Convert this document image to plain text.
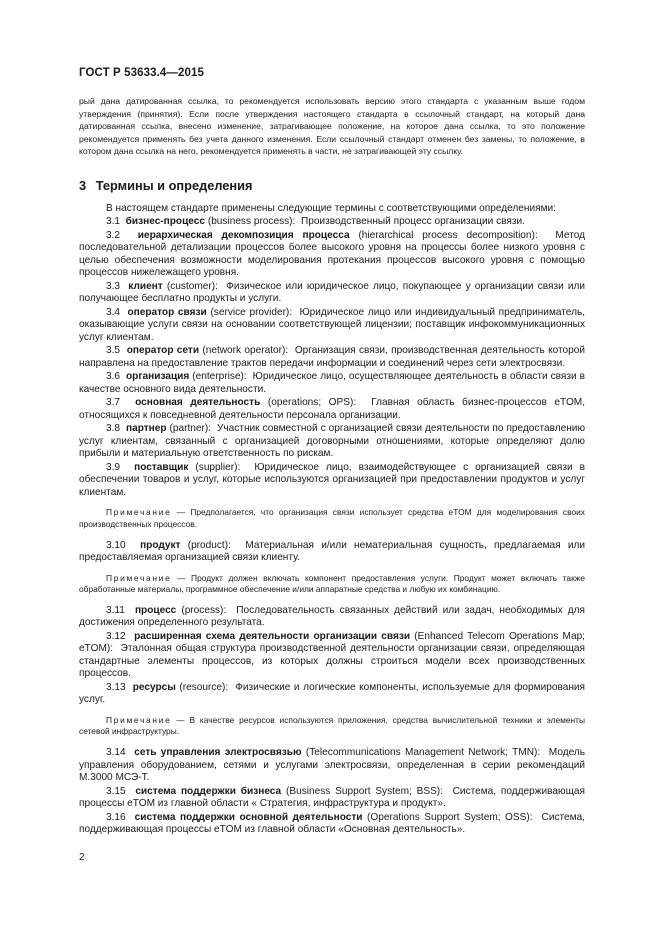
ГОСТ Р 53633.4—2015

рый дана датированная ссылка, то рекомендуется использовать версию этого стандарта с указанным выше годом утверждения (принятия). Если после утверждения настоящего стандарта в ссылочный стандарт, на который дана датированная ссылка, внесено изменение, затрагивающее положение, на которое дана ссылка, то это положение рекомендуется применять без учета данного изменения. Если ссылочный стандарт отменен без замены, то положение, в котором дана ссылка на него, рекомендуется применять в части, не затрагивающей эту ссылку.

3 Термины и определения

В настоящем стандарте применены следующие термины с соответствующими определениями:

3.1 бизнес-процесс (business process): Производственный процесс организации связи.

3.2 иерархическая декомпозиция процесса (hierarchical process decomposition): Метод последовательной детализации процессов более высокого уровня на процессы более низкого уровня с целью обеспечения возможности моделирования протекания процессов высокого уровня с помощью процессов нижележащего уровня.

3.3 клиент (customer): Физическое или юридическое лицо, покупающее у организации связи или получающее бесплатно продукты и услуги.

3.4 оператор связи (service provider): Юридическое лицо или индивидуальный предприниматель, оказывающие услуги связи на основании соответствующей лицензии; поставщик инфокоммуникационных услуг клиентам.

3.5 оператор сети (network operator): Организация связи, производственная деятельность которой направлена на предоставление трактов передачи информации и соединений через сети электросвязи.

3.6 организация (enterprise): Юридическое лицо, осуществляющее деятельность в области связи в качестве основного вида деятельности.

3.7 основная деятельность (operations; OPS): Главная область бизнес-процессов eTOM, относящихся к повседневной деятельности персонала организации.

3.8 партнер (partner): Участник совместной с организацией связи деятельности по предоставлению услуг клиентам, связанный с организацией договорными отношениями, которые определяют долю прибыли и материальную ответственность по рискам.

3.9 поставщик (supplier): Юридическое лицо, взаимодействующее с организацией связи в обеспечении товаров и услуг, которые используются организацией при предоставлении продуктов и услуг клиентам.

Примечание — Предполагается, что организация связи использует средства eTOM для моделирования своих производственных процессов.

3.10 продукт (product): Материальная и/или нематериальная сущность, предлагаемая или предоставляемая организацией связи клиенту.

Примечание — Продукт должен включать компонент предоставления услуги. Продукт может включать также обработанные материалы, программное обеспечение и/или аппаратные средства и любую их комбинацию.

3.11 процесс (process): Последовательность связанных действий или задач, необходимых для достижения определенного результата.

3.12 расширенная схема деятельности организации связи (Enhanced Telecom Operations Map; eTOM): Эталонная общая структура производственной деятельности организации связи, определяющая стандартные элементы процессов, из которых должны строиться модели всех производственных процессов.

3.13 ресурсы (resource): Физические и логические компоненты, используемые для формирования услуг.

Примечание — В качестве ресурсов используются приложения, средства вычислительной техники и элементы сетевой инфраструктуры.

3.14 сеть управления электросвязью (Telecommunications Management Network; TMN): Модель управления оборудованием, сетями и услугами электросвязи, определенная в серии рекомендаций М.3000 МСЭ-Т.

3.15 система поддержки бизнеса (Business Support System; BSS): Система, поддерживающая процессы eTOM из главной области « Стратегия, инфраструктура и продукт».

3.16 система поддержки основной деятельности (Operations Support System; OSS): Система, поддерживающая процессы eTOM из главной области «Основная деятельность».

2
